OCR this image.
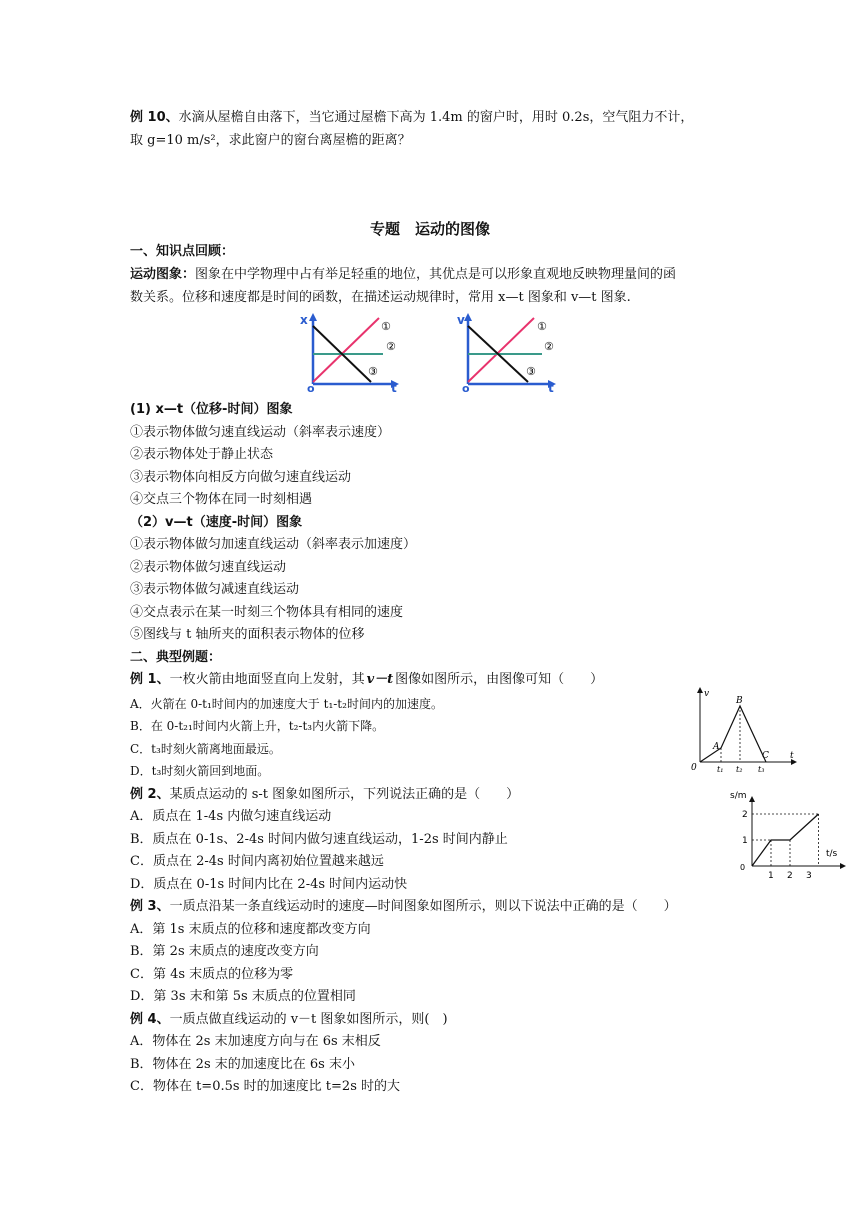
例 10、水滴从屋檐自由落下，当它通过屋檐下高为 1.4m 的窗户时，用时 0.2s，空气阻力不计，
取 g=10 m/s²，求此窗户的窗台离屋檐的距离？
专题　运动的图像
一、知识点回顾：
运动图象：图象在中学物理中占有举足轻重的地位，其优点是可以形象直观地反映物理量间的函
数关系。位移和速度都是时间的函数，在描述运动规律时，常用 x—t 图象和 v—t 图象.
x
t
o
①
②
③
v
t
o
①
②
③
(1) x—t（位移-时间）图象
①表示物体做匀速直线运动（斜率表示速度）
②表示物体处于静止状态
③表示物体向相反方向做匀速直线运动
④交点三个物体在同一时刻相遇
（2）v—t（速度-时间）图象
①表示物体做匀加速直线运动（斜率表示加速度）
②表示物体做匀速直线运动
③表示物体做匀减速直线运动
④交点表示在某一时刻三个物体具有相同的速度
⑤图线与 t 轴所夹的面积表示物体的位移
二、典型例题：
例 1、一枚火箭由地面竖直向上发射，其 v－t 图像如图所示，由图像可知（　　）
A．火箭在 0-t₁时间内的加速度大于 t₁-t₂时间内的加速度。
B．在 0-t₂₁时间内火箭上升，t₂-t₃内火箭下降。
C．t₃时刻火箭离地面最远。
D．t₃时刻火箭回到地面。
v
t
0
A
B
C
t₁ t₂ t₃
例 2、某质点运动的 s-t 图象如图所示，下列说法正确的是（　　）
A．质点在 1-4s 内做匀速直线运动
B．质点在 0-1s、2-4s 时间内做匀速直线运动，1-2s 时间内静止
C．质点在 2-4s 时间内离初始位置越来越远
D．质点在 0-1s 时间内比在 2-4s 时间内运动快
s/m
t/s
0
1 2 3
1
2
例 3、一质点沿某一条直线运动时的速度—时间图象如图所示，则以下说法中正确的是（　　）
A．第 1s 末质点的位移和速度都改变方向
B．第 2s 末质点的速度改变方向
C．第 4s 末质点的位移为零
D．第 3s 末和第 5s 末质点的位置相同
例 4、一质点做直线运动的 v－t 图象如图所示，则(　)
A．物体在 2s 末加速度方向与在 6s 末相反
B．物体在 2s 末的加速度比在 6s 末小
C．物体在 t=0.5s 时的加速度比 t=2s 时的大
